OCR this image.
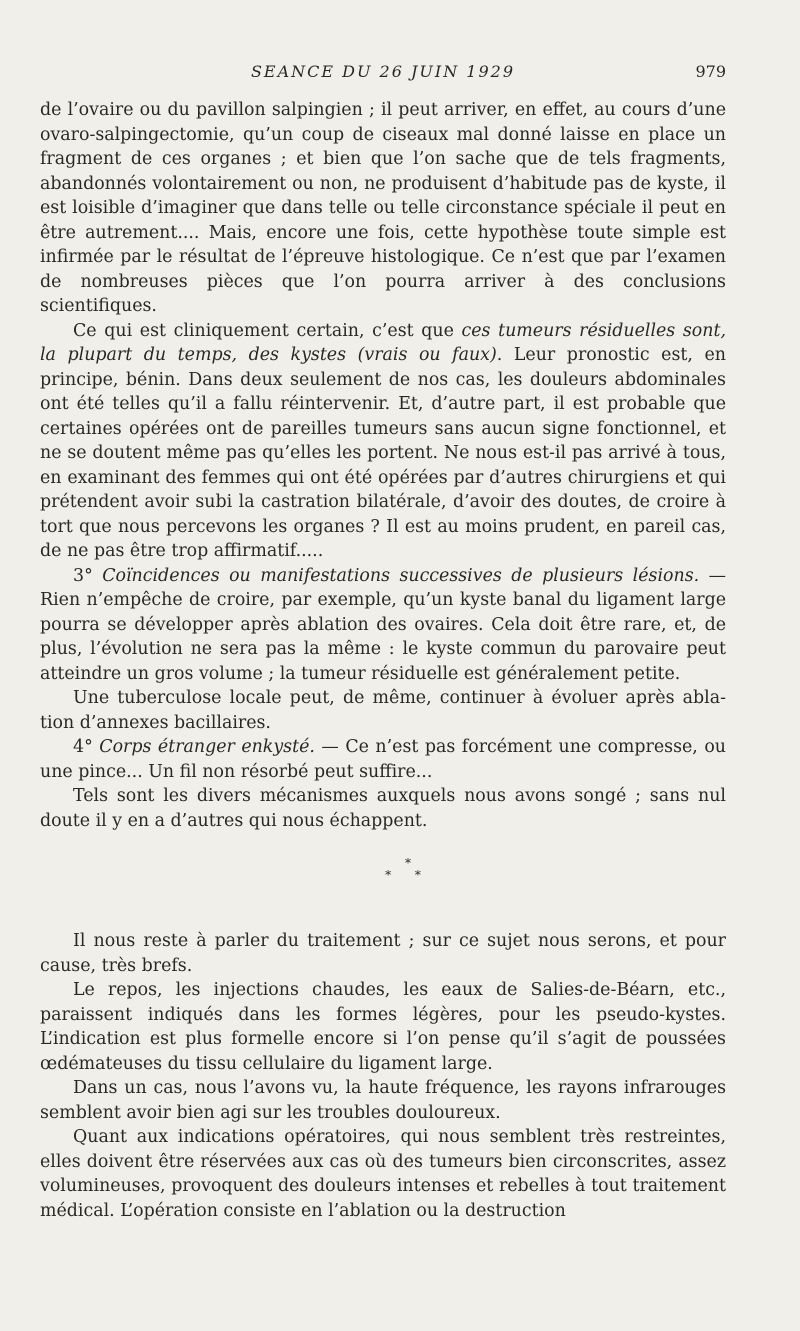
SEANCE DU 26 JUIN 1929	979

de l’ovaire ou du pavillon salpingien ; il peut arriver, en effet, au cours d’une ovaro-salpingectomie, qu’un coup de ciseaux mal donné laisse en place un fragment de ces organes ; et bien que l’on sache que de tels fragments, abandonnés volontairement ou non, ne produisent d’habitude pas de kyste, il est loisible d’imaginer que dans telle ou telle circonstance spéciale il peut en être autrement.... Mais, encore une fois, cette hypothèse toute simple est infirmée par le résultat de l’épreuve histologique. Ce n’est que par l’examen de nombreuses pièces que l’on pourra arriver à des conclusions scientifiques.

Ce qui est cliniquement certain, c’est que ces tumeurs résiduelles sont, la plupart du temps, des kystes (vrais ou faux). Leur pronostic est, en principe, bénin. Dans deux seulement de nos cas, les douleurs abdominales ont été telles qu’il a fallu réintervenir. Et, d’autre part, il est probable que certaines opérées ont de pareilles tumeurs sans aucun signe fonctionnel, et ne se doutent même pas qu’elles les portent. Ne nous est-il pas arrivé à tous, en examinant des femmes qui ont été opérées par d’autres chirurgiens et qui prétendent avoir subi la castration bilatérale, d’avoir des doutes, de croire à tort que nous percevons les organes ? Il est au moins prudent, en pareil cas, de ne pas être trop affirmatif.....

3° Coïncidences ou manifestations successives de plusieurs lésions. — Rien n’empêche de croire, par exemple, qu’un kyste banal du ligament large pourra se développer après ablation des ovaires. Cela doit être rare, et, de plus, l’évolution ne sera pas la même : le kyste commun du parovaire peut atteindre un gros volume ; la tumeur résiduelle est généralement petite.

Une tuberculose locale peut, de même, continuer à évoluer après ablation d’annexes bacillaires.

4° Corps étranger enkysté. — Ce n’est pas forcément une compresse, ou une pince... Un fil non résorbé peut suffire...

Tels sont les divers mécanismes auxquels nous avons songé ; sans nul doute il y en a d’autres qui nous échappent.

*
* *

Il nous reste à parler du traitement ; sur ce sujet nous serons, et pour cause, très brefs.

Le repos, les injections chaudes, les eaux de Salies-de-Béarn, etc., paraissent indiqués dans les formes légères, pour les pseudo-kystes. L’indication est plus formelle encore si l’on pense qu’il s’agit de poussées œdémateuses du tissu cellulaire du ligament large.

Dans un cas, nous l’avons vu, la haute fréquence, les rayons infrarouges semblent avoir bien agi sur les troubles douloureux.

Quant aux indications opératoires, qui nous semblent très restreintes, elles doivent être réservées aux cas où des tumeurs bien circonscrites, assez volumineuses, provoquent des douleurs intenses et rebelles à tout traitement médical. L’opération consiste en l’ablation ou la destruction
